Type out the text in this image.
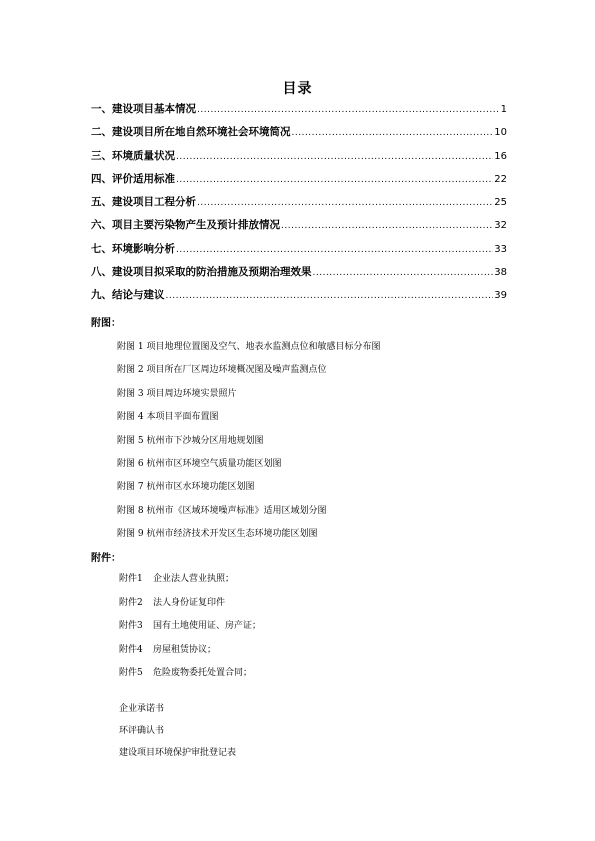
目录
一、建设项目基本情况 .....	1
二、建设项目所在地自然环境社会环境简况 .....	10
三、环境质量状况 .....	16
四、评价适用标准 .....	22
五、建设项目工程分析 .....	25
六、项目主要污染物产生及预计排放情况 .....	32
七、环境影响分析 .....	33
八、建设项目拟采取的防治措施及预期治理效果 .....	38
九、结论与建议 .....	39
附图：
附图 1 项目地理位置图及空气、地表水监测点位和敏感目标分布图
附图 2 项目所在厂区周边环境概况图及噪声监测点位
附图 3 项目周边环境实景照片
附图 4 本项目平面布置图
附图 5 杭州市下沙城分区用地规划图
附图 6 杭州市区环境空气质量功能区划图
附图 7 杭州市区水环境功能区划图
附图 8 杭州市《区域环境噪声标准》适用区域划分图
附图 9 杭州市经济技术开发区生态环境功能区划图
附件：
附件1 企业法人营业执照；
附件2 法人身份证复印件
附件3 国有土地使用证、房产证；
附件4 房屋租赁协议；
附件5 危险废物委托处置合同；
企业承诺书
环评确认书
建设项目环境保护审批登记表
